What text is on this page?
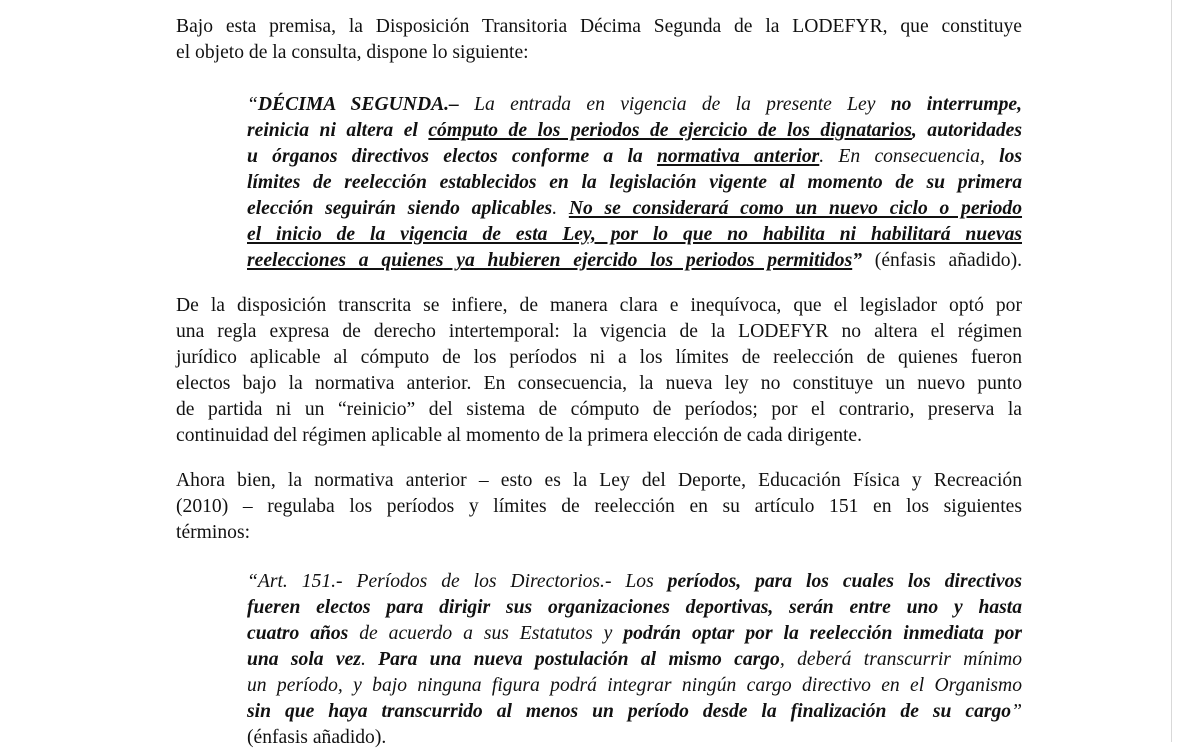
Bajo esta premisa, la Disposición Transitoria Décima Segunda de la LODEFYR, que constituye
el objeto de la consulta, dispone lo siguiente:
“DÉCIMA SEGUNDA.– La entrada en vigencia de la presente Ley no interrumpe,
reinicia ni altera el cómputo de los periodos de ejercicio de los dignatarios, autoridades
u órganos directivos electos conforme a la normativa anterior. En consecuencia, los
límites de reelección establecidos en la legislación vigente al momento de su primera
elección seguirán siendo aplicables. No se considerará como un nuevo ciclo o periodo
el inicio de la vigencia de esta Ley, por lo que no habilita ni habilitará nuevas
reelecciones a quienes ya hubieren ejercido los periodos permitidos” (énfasis añadido).
De la disposición transcrita se infiere, de manera clara e inequívoca, que el legislador optó por
una regla expresa de derecho intertemporal: la vigencia de la LODEFYR no altera el régimen
jurídico aplicable al cómputo de los períodos ni a los límites de reelección de quienes fueron
electos bajo la normativa anterior. En consecuencia, la nueva ley no constituye un nuevo punto
de partida ni un “reinicio” del sistema de cómputo de períodos; por el contrario, preserva la
continuidad del régimen aplicable al momento de la primera elección de cada dirigente.
Ahora bien, la normativa anterior – esto es la Ley del Deporte, Educación Física y Recreación
(2010) – regulaba los períodos y límites de reelección en su artículo 151 en los siguientes
términos:
“Art. 151.- Períodos de los Directorios.- Los períodos, para los cuales los directivos
fueren electos para dirigir sus organizaciones deportivas, serán entre uno y hasta
cuatro años de acuerdo a sus Estatutos y podrán optar por la reelección inmediata por
una sola vez. Para una nueva postulación al mismo cargo, deberá transcurrir mínimo
un período, y bajo ninguna figura podrá integrar ningún cargo directivo en el Organismo
sin que haya transcurrido al menos un período desde la finalización de su cargo”
(énfasis añadido).
